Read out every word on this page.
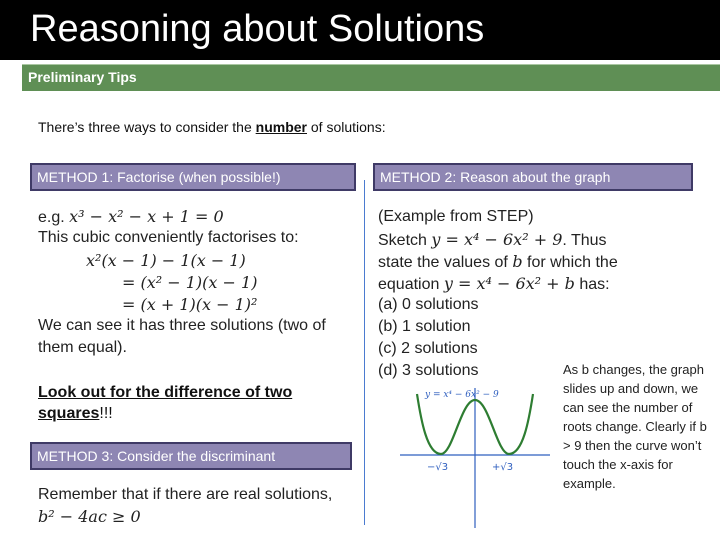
Reasoning about Solutions
Preliminary Tips
There’s three ways to consider the number of solutions:
METHOD 1: Factorise (when possible!)
e.g. x³ − x² − x + 1 = 0
This cubic conveniently factorises to:
x²(x − 1) − 1(x − 1)
= (x² − 1)(x − 1)
= (x + 1)(x − 1)²
We can see it has three solutions (two of
them equal).
Look out for the difference of two squares!!!
METHOD 3: Consider the discriminant
Remember that if there are real solutions,
b² − 4ac ≥ 0
METHOD 2: Reason about the graph
(Example from STEP)
Sketch y = x⁴ − 6x² + 9. Thus
state the values of b for which the
equation y = x⁴ − 6x² + b has:
(a) 0 solutions
(b) 1 solution
(c) 2 solutions
(d) 3 solutions
y = x⁴ − 6x² − 9
−√3	+√3
As b changes, the graph slides up and down, we can see the number of roots change. Clearly if b > 9 then the curve won’t touch the x-axis for example.
